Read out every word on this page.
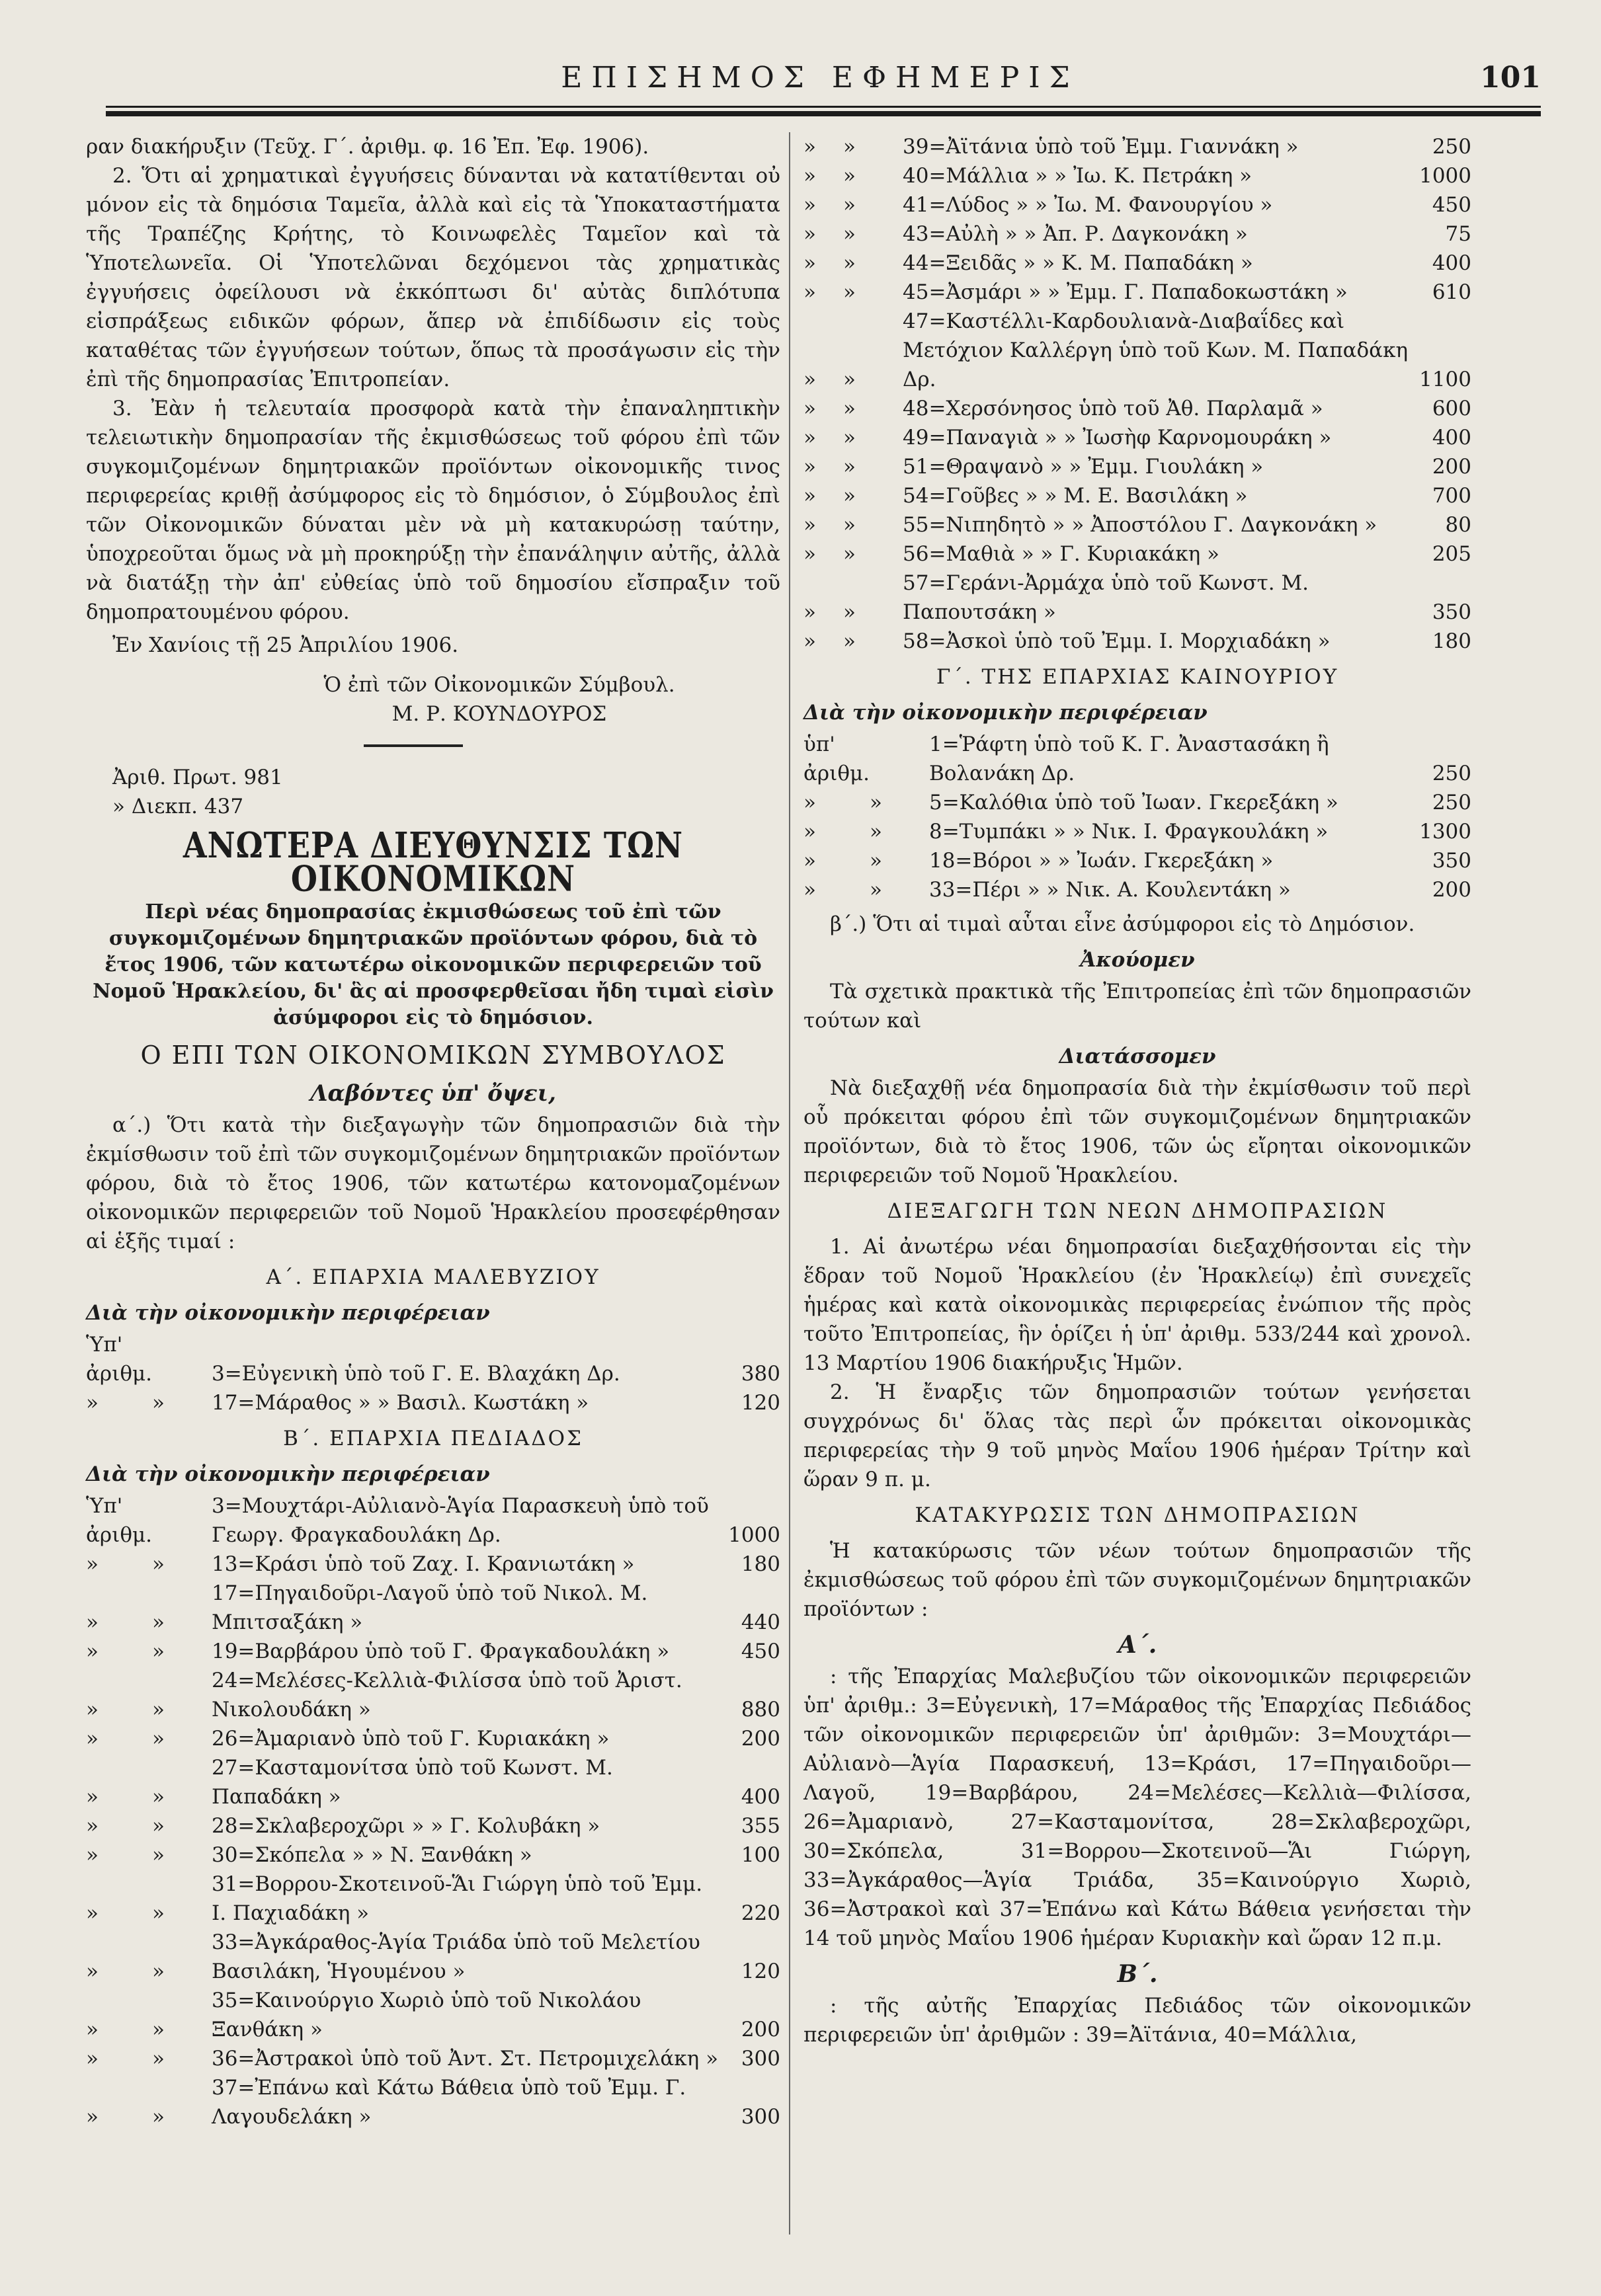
ΕΠΙΣΗΜΟΣ ΕΦΗΜΕΡΙΣ	101

ραν διακήρυξιν (Τεῦχ. Γ΄. ἀριθμ. φ. 16 Ἐπ. Ἐφ. 1906).

2. Ὅτι αἱ χρηματικαὶ ἐγγυήσεις δύνανται νὰ κατατίθενται οὐ μόνον εἰς τὰ δημόσια Ταμεῖα, ἀλλὰ καὶ εἰς τὰ Ὑποκαταστήματα τῆς Τραπέζης Κρήτης, τὸ Κοινωφελὲς Ταμεῖον καὶ τὰ Ὑποτελωνεῖα. Οἱ Ὑποτελῶναι δεχόμενοι τὰς χρηματικὰς ἐγγυήσεις ὀφείλουσι νὰ ἐκκόπτωσι δι' αὐτὰς διπλότυπα εἰσπράξεως ειδικῶν φόρων, ἅπερ νὰ ἐπιδίδωσιν εἰς τοὺς καταθέτας τῶν ἐγγυήσεων τούτων, ὅπως τὰ προσάγωσιν εἰς τὴν ἐπὶ τῆς δημοπρασίας Ἐπιτροπείαν.

3. Ἐὰν ἡ τελευταία προσφορὰ κατὰ τὴν ἐπαναληπτικὴν τελειωτικὴν δημοπρασίαν τῆς ἐκμισθώσεως τοῦ φόρου ἐπὶ τῶν συγκομιζομένων δημητριακῶν προϊόντων οἰκονομικῆς τινος περιφερείας κριθῇ ἀσύμφορος εἰς τὸ δημόσιον, ὁ Σύμβουλος ἐπὶ τῶν Οἰκονομικῶν δύναται μὲν νὰ μὴ κατακυρώσῃ ταύτην, ὑποχρεοῦται ὅμως νὰ μὴ προκηρύξῃ τὴν ἐπανάληψιν αὐτῆς, ἀλλὰ νὰ διατάξῃ τὴν ἀπ' εὐθείας ὑπὸ τοῦ δημοσίου εἴσπραξιν τοῦ δημοπρατουμένου φόρου.

Ἐν Χανίοις τῇ 25 Ἀπριλίου 1906.

Ὁ ἐπὶ τῶν Οἰκονομικῶν Σύμβουλ.

Μ. Ρ. ΚΟΥΝΔΟΥΡΟΣ

Ἀριθ. Πρωτ. 981

» Διεκπ. 437

ΑΝΩΤΕΡΑ ΔΙΕΥΘΥΝΣΙΣ ΤΩΝ ΟΙΚΟΝΟΜΙΚΩΝ
Περὶ νέας δημοπρασίας ἐκμισθώσεως τοῦ ἐπὶ τῶν συγκομιζομένων δημητριακῶν προϊόντων φόρου, διὰ τὸ ἔτος 1906, τῶν κατωτέρω οἰκονομικῶν περιφερειῶν τοῦ Νομοῦ Ἡρακλείου, δι' ἃς αἱ προσφερθεῖσαι ἤδη τιμαὶ εἰσὶν ἀσύμφοροι εἰς τὸ δημόσιον.
Ο ΕΠΙ ΤΩΝ ΟΙΚΟΝΟΜΙΚΩΝ ΣΥΜΒΟΥΛΟΣ

Λαβόντες ὑπ' ὄψει,

α΄.) Ὅτι κατὰ τὴν διεξαγωγὴν τῶν δημοπρασιῶν διὰ τὴν ἐκμίσθωσιν τοῦ ἐπὶ τῶν συγκομιζομένων δημητριακῶν προϊόντων φόρου, διὰ τὸ ἔτος 1906, τῶν κατωτέρω κατονομαζομένων οἰκονομικῶν περιφερειῶν τοῦ Νομοῦ Ἡρακλείου προσεφέρθησαν αἱ ἑξῆς τιμαί :

Α΄. ΕΠΑΡΧΙΑ ΜΑΛΕΒΥΖΙΟΥ

Διὰ τὴν οἰκονομικὴν περιφέρειαν

Ὑπ' ἀριθμ.		3=Εὐγενικὴ ὑπὸ τοῦ Γ. Ε. Βλαχάκη Δρ.	380
»	»	17=Μάραθος » » Βασιλ. Κωστάκη »	120

Β΄. ΕΠΑΡΧΙΑ ΠΕΔΙΑΔΟΣ

Διὰ τὴν οἰκονομικὴν περιφέρειαν

Ὑπ' ἀριθμ.		3=Μουχτάρι-Αὐλιανὸ-Ἁγία Παρασκευὴ ὑπὸ τοῦ Γεωργ. Φραγκαδουλάκη Δρ.	1000
»	»	13=Κράσι ὑπὸ τοῦ Ζαχ. Ι. Κρανιωτάκη »	180
»	»	17=Πηγαιδοῦρι-Λαγοῦ ὑπὸ τοῦ Νικολ. Μ. Μπιτσαξάκη »	440
»	»	19=Βαρβάρου ὑπὸ τοῦ Γ. Φραγκαδουλάκη »	450
»	»	24=Μελέσες-Κελλιὰ-Φιλίσσα ὑπὸ τοῦ Ἀριστ. Νικολουδάκη »	880
»	»	26=Ἀμαριανὸ ὑπὸ τοῦ Γ. Κυριακάκη »	200
»	»	27=Κασταμονίτσα ὑπὸ τοῦ Κωνστ. Μ. Παπαδάκη »	400
»	»	28=Σκλαβεροχῶρι » » Γ. Κολυβάκη »	355
»	»	30=Σκόπελα » » Ν. Ξανθάκη »	100
»	»	31=Βορρου-Σκοτεινοῦ-Ἅι Γιώργη ὑπὸ τοῦ Ἐμμ. Ι. Παχιαδάκη »	220
»	»	33=Ἀγκάραθος-Ἁγία Τριάδα ὑπὸ τοῦ Μελετίου Βασιλάκη, Ἡγουμένου »	120
»	»	35=Καινούργιο Χωριὸ ὑπὸ τοῦ Νικολάου Ξανθάκη »	200
»	»	36=Ἀστρακοὶ ὑπὸ τοῦ Ἀντ. Στ. Πετρομιχελάκη »	300
»	»	37=Ἐπάνω καὶ Κάτω Βάθεια ὑπὸ τοῦ Ἐμμ. Γ. Λαγουδελάκη »	300
»	»	39=Ἀϊτάνια ὑπὸ τοῦ Ἐμμ. Γιαννάκη »	250
»	»	40=Μάλλια » » Ἰω. Κ. Πετράκη »	1000
»	»	41=Λύδος » » Ἰω. Μ. Φανουργίου »	450
»	»	43=Αὐλὴ » » Ἀπ. Ρ. Δαγκονάκη »	75
»	»	44=Ξειδᾶς » » Κ. Μ. Παπαδάκη »	400
»	»	45=Ἀσμάρι » » Ἐμμ. Γ. Παπαδοκωστάκη »	610
»	»	47=Καστέλλι-Καρδουλιανὰ-Διαβαΐδες καὶ Μετόχιον Καλλέργη ὑπὸ τοῦ Κων. Μ. Παπαδάκη Δρ.	1100
»	»	48=Χερσόνησος ὑπὸ τοῦ Ἀθ. Παρλαμᾶ »	600
»	»	49=Παναγιὰ » » Ἰωσὴφ Καρνομουράκη »	400
»	»	51=Θραψανὸ » » Ἐμμ. Γιουλάκη »	200
»	»	54=Γοῦβες » » Μ. Ε. Βασιλάκη »	700
»	»	55=Νιπηδητὸ » » Ἀποστόλου Γ. Δαγκονάκη »	80
»	»	56=Μαθιὰ » » Γ. Κυριακάκη »	205
»	»	57=Γεράνι-Ἀρμάχα ὑπὸ τοῦ Κωνστ. Μ. Παπουτσάκη »	350
»	»	58=Ἀσκοὶ ὑπὸ τοῦ Ἐμμ. Ι. Μορχιαδάκη »	180

Γ΄. ΤΗΣ ΕΠΑΡΧΙΑΣ ΚΑΙΝΟΥΡΙΟΥ

Διὰ τὴν οἰκονομικὴν περιφέρειαν

ὑπ' ἀριθμ.		1=Ῥάφτη ὑπὸ τοῦ Κ. Γ. Ἀναστασάκη ἢ Βολανάκη Δρ.	250
»	»	5=Καλόθια ὑπὸ τοῦ Ἰωαν. Γκερεξάκη »	250
»	»	8=Τυμπάκι » » Νικ. Ι. Φραγκουλάκη »	1300
»	»	18=Βόροι » » Ἰωάν. Γκερεξάκη »	350
»	»	33=Πέρι » » Νικ. Α. Κουλεντάκη »	200

β΄.) Ὅτι αἱ τιμαὶ αὗται εἶνε ἀσύμφοροι εἰς τὸ Δημόσιον.

Ἀκούομεν

Τὰ σχετικὰ πρακτικὰ τῆς Ἐπιτροπείας ἐπὶ τῶν δημοπρασιῶν τούτων καὶ

Διατάσσομεν

Νὰ διεξαχθῇ νέα δημοπρασία διὰ τὴν ἐκμίσθωσιν τοῦ περὶ οὗ πρόκειται φόρου ἐπὶ τῶν συγκομιζομένων δημητριακῶν προϊόντων, διὰ τὸ ἔτος 1906, τῶν ὡς εἴρηται οἰκονομικῶν περιφερειῶν τοῦ Νομοῦ Ἡρακλείου.

ΔΙΕΞΑΓΩΓΗ ΤΩΝ ΝΕΩΝ ΔΗΜΟΠΡΑΣΙΩΝ

1. Αἱ ἀνωτέρω νέαι δημοπρασίαι διεξαχθήσονται εἰς τὴν ἕδραν τοῦ Νομοῦ Ἡρακλείου (ἐν Ἡρακλείῳ) ἐπὶ συνεχεῖς ἡμέρας καὶ κατὰ οἰκονομικὰς περιφερείας ἐνώπιον τῆς πρὸς τοῦτο Ἐπιτροπείας, ἣν ὁρίζει ἡ ὑπ' ἀριθμ. 533/244 καὶ χρονολ. 13 Μαρτίου 1906 διακήρυξις Ἡμῶν.

2. Ἡ ἔναρξις τῶν δημοπρασιῶν τούτων γενήσεται συγχρόνως δι' ὅλας τὰς περὶ ὧν πρόκειται οἰκονομικὰς περιφερείας τὴν 9 τοῦ μηνὸς Μαΐου 1906 ἡμέραν Τρίτην καὶ ὥραν 9 π. μ.

ΚΑΤΑΚΥΡΩΣΙΣ ΤΩΝ ΔΗΜΟΠΡΑΣΙΩΝ

Ἡ κατακύρωσις τῶν νέων τούτων δημοπρασιῶν τῆς ἐκμισθώσεως τοῦ φόρου ἐπὶ τῶν συγκομιζομένων δημητριακῶν προϊόντων :

Α΄.

: τῆς Ἐπαρχίας Μαλεβυζίου τῶν οἰκονομικῶν περιφερειῶν ὑπ' ἀριθμ.: 3=Εὐγενικὴ, 17=Μάραθος τῆς Ἐπαρχίας Πεδιάδος τῶν οἰκονομικῶν περιφερειῶν ὑπ' ἀριθμῶν: 3=Μουχτάρι—Αὐλιανὸ—Ἁγία Παρασκευή, 13=Κράσι, 17=Πηγαιδοῦρι—Λαγοῦ, 19=Βαρβάρου, 24=Μελέσες—Κελλιὰ—Φιλίσσα, 26=Ἀμαριανὸ, 27=Κασταμονίτσα, 28=Σκλαβεροχῶρι, 30=Σκόπελα, 31=Βορρου—Σκοτεινοῦ—Ἅι Γιώργη, 33=Ἀγκάραθος—Ἁγία Τριάδα, 35=Καινούργιο Χωριὸ, 36=Ἀστρακοὶ καὶ 37=Ἐπάνω καὶ Κάτω Βάθεια γενήσεται τὴν 14 τοῦ μηνὸς Μαΐου 1906 ἡμέραν Κυριακὴν καὶ ὥραν 12 π.μ.

Β΄.

: τῆς αὐτῆς Ἐπαρχίας Πεδιάδος τῶν οἰκονομικῶν περιφερειῶν ὑπ' ἀριθμῶν : 39=Ἀϊτάνια, 40=Μάλλια,
